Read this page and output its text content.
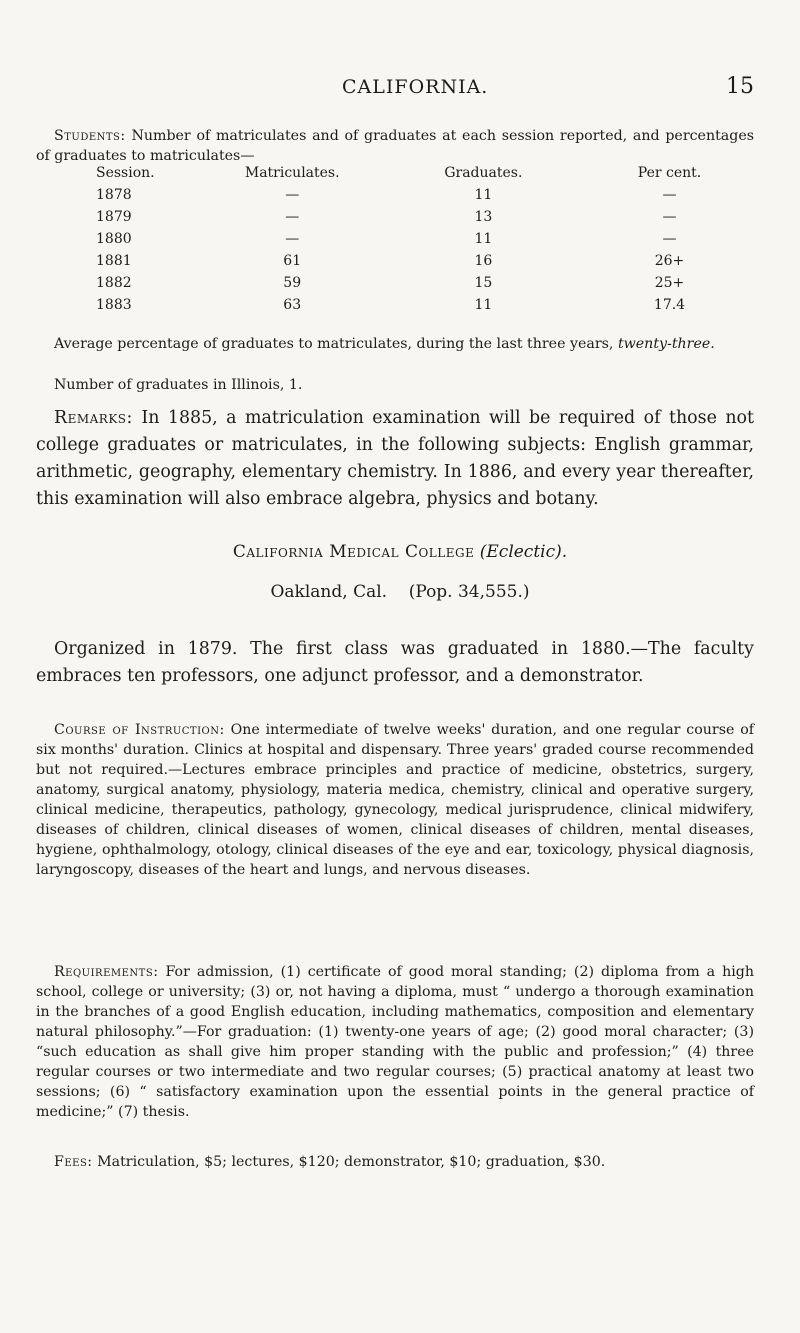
CALIFORNIA.	15

Students: Number of matriculates and of graduates at each session reported, and percentages of graduates to matriculates—

Session.	Matriculates.	Graduates.	Per cent.
1878	—	11	—
1879	—	13	—
1880	—	11	—
1881	61	16	26+
1882	59	15	25+
1883	63	11	17.4

Average percentage of graduates to matriculates, during the last three years, twenty-three.

Number of graduates in Illinois, 1.

Remarks: In 1885, a matriculation examination will be required of those not college graduates or matriculates, in the following subjects: English grammar, arithmetic, geography, elementary chemistry. In 1886, and every year thereafter, this examination will also embrace algebra, physics and botany.

California Medical College (Eclectic).
Oakland, Cal. (Pop. 34,555.)

Organized in 1879. The first class was graduated in 1880.—The faculty embraces ten professors, one adjunct professor, and a demonstrator.

Course of Instruction: One intermediate of twelve weeks' duration, and one regular course of six months' duration. Clinics at hospital and dispensary. Three years' graded course recommended but not required.—Lectures embrace principles and practice of medicine, obstetrics, surgery, anatomy, surgical anatomy, physiology, materia medica, chemistry, clinical and operative surgery, clinical medicine, therapeutics, pathology, gynecology, medical jurisprudence, clinical midwifery, diseases of children, clinical diseases of women, clinical diseases of children, mental diseases, hygiene, ophthalmology, otology, clinical diseases of the eye and ear, toxicology, physical diagnosis, laryngoscopy, diseases of the heart and lungs, and nervous diseases.

Requirements: For admission, (1) certificate of good moral standing; (2) diploma from a high school, college or university; (3) or, not having a diploma, must “ undergo a thorough examination in the branches of a good English education, including mathematics, composition and elementary natural philosophy.”—For graduation: (1) twenty-one years of age; (2) good moral character; (3) “such education as shall give him proper standing with the public and profession;” (4) three regular courses or two intermediate and two regular courses; (5) practical anatomy at least two sessions; (6) “ satisfactory examination upon the essential points in the general practice of medicine;” (7) thesis.

Fees: Matriculation, $5; lectures, $120; demonstrator, $10; graduation, $30.
